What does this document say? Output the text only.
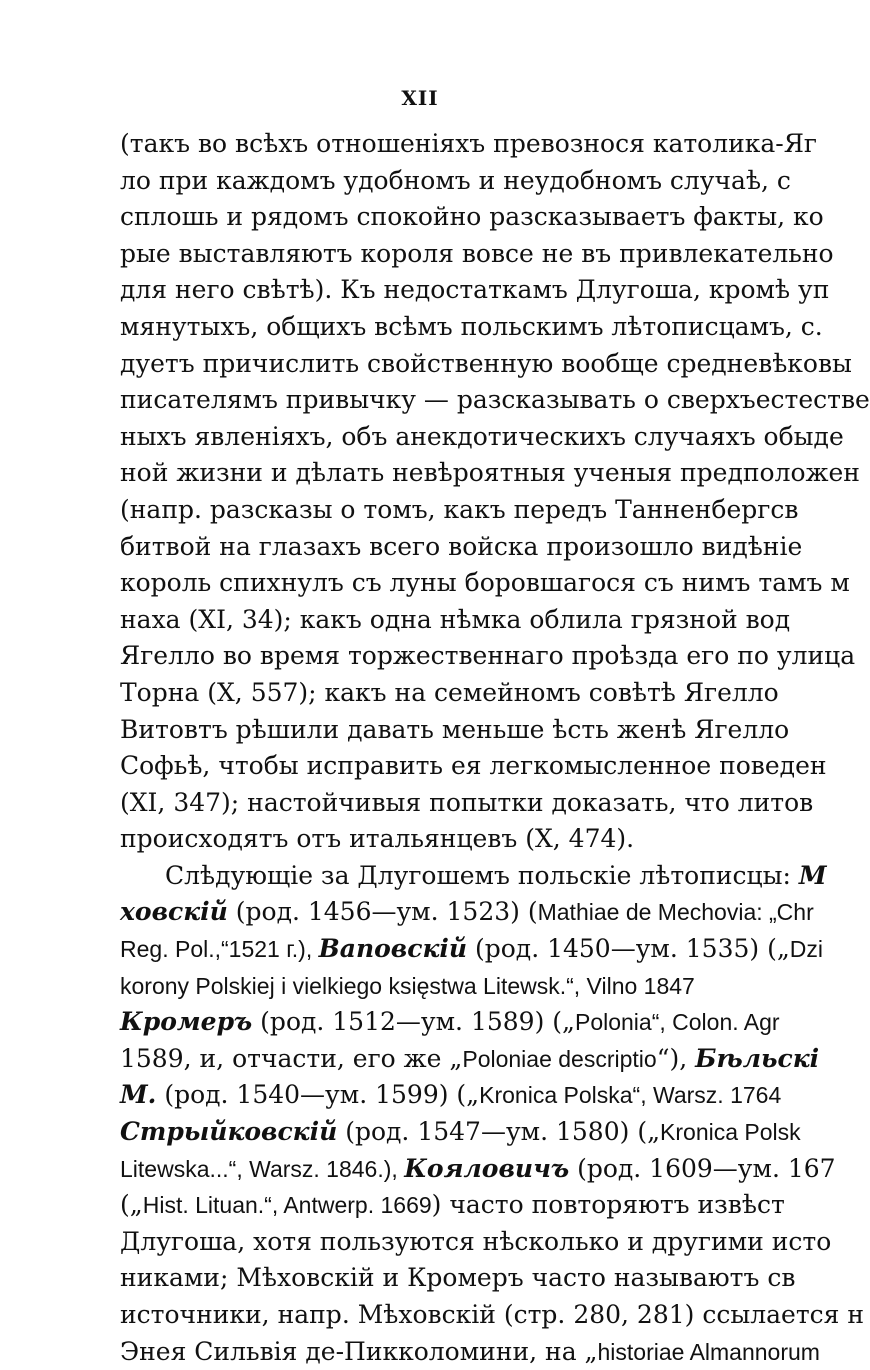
XII
(такъ во всѣхъ отношеніяхъ превознося католика-Яг
ло при каждомъ удобномъ и неудобномъ случаѣ, с
сплошь и рядомъ спокойно разсказываетъ факты, ко
рые выставляютъ короля вовсе не въ привлекательно
для него свѣтѣ). Къ недостаткамъ Длугоша, кромѣ уп
мянутыхъ, общихъ всѣмъ польскимъ лѣтописцамъ, с.
дуетъ причислить свойственную вообще средневѣковы
писателямъ привычку — разсказывать о сверхъестестве
ныхъ явленіяхъ, объ анекдотическихъ случаяхъ обыде
ной жизни и дѣлать невѣроятныя ученыя предположен
(напр. разсказы о томъ, какъ передъ Танненбергсв
битвой на глазахъ всего войска произошло видѣніе
король спихнулъ съ луны боровшагося съ нимъ тамъ м
наха (XI, 34); какъ одна нѣмка облила грязной вод
Ягелло во время торжественнаго проѣзда его по улица
Торна (X, 557); какъ на семейномъ совѣтѣ Ягелло
Витовтъ рѣшили давать меньше ѣсть женѣ Ягелло
Софьѣ, чтобы исправить ея легкомысленное поведен
(XI, 347); настойчивыя попытки доказать, что литов
происходятъ отъ итальянцевъ (X, 474).
Слѣдующіе за Длугошемъ польскіе лѣтописцы: М
ховскій (род. 1456—ум. 1523) (Mathiae de Mechovia: „Chr
Reg. Pol.,“1521 г.), Ваповскій (род. 1450—ум. 1535) („Dzi
korony Polskiej i vielkiego księstwa Litewsk.“, Vilno 1847
Кромеръ (род. 1512—ум. 1589) („Polonia“, Colon. Agr
1589, и, отчасти, его же „Poloniae descriptio“), Бѣльскі
М. (род. 1540—ум. 1599) („Kronica Polska“, Warsz. 1764
Стрыйковскій (род. 1547—ум. 1580) („Kronica Polsk
Litewska...“, Warsz. 1846.), Кояловичъ (род. 1609—ум. 167
(„Hist. Lituan.“, Antwerp. 1669) часто повторяютъ извѣст
Длугоша, хотя пользуются нѣсколько и другими исто
никами; Мѣховскій и Кромеръ часто называютъ св
источники, напр. Мѣховскій (стр. 280, 281) ссылается н
Энея Сильвія де-Пикколомини, на „historiae Almannorum
